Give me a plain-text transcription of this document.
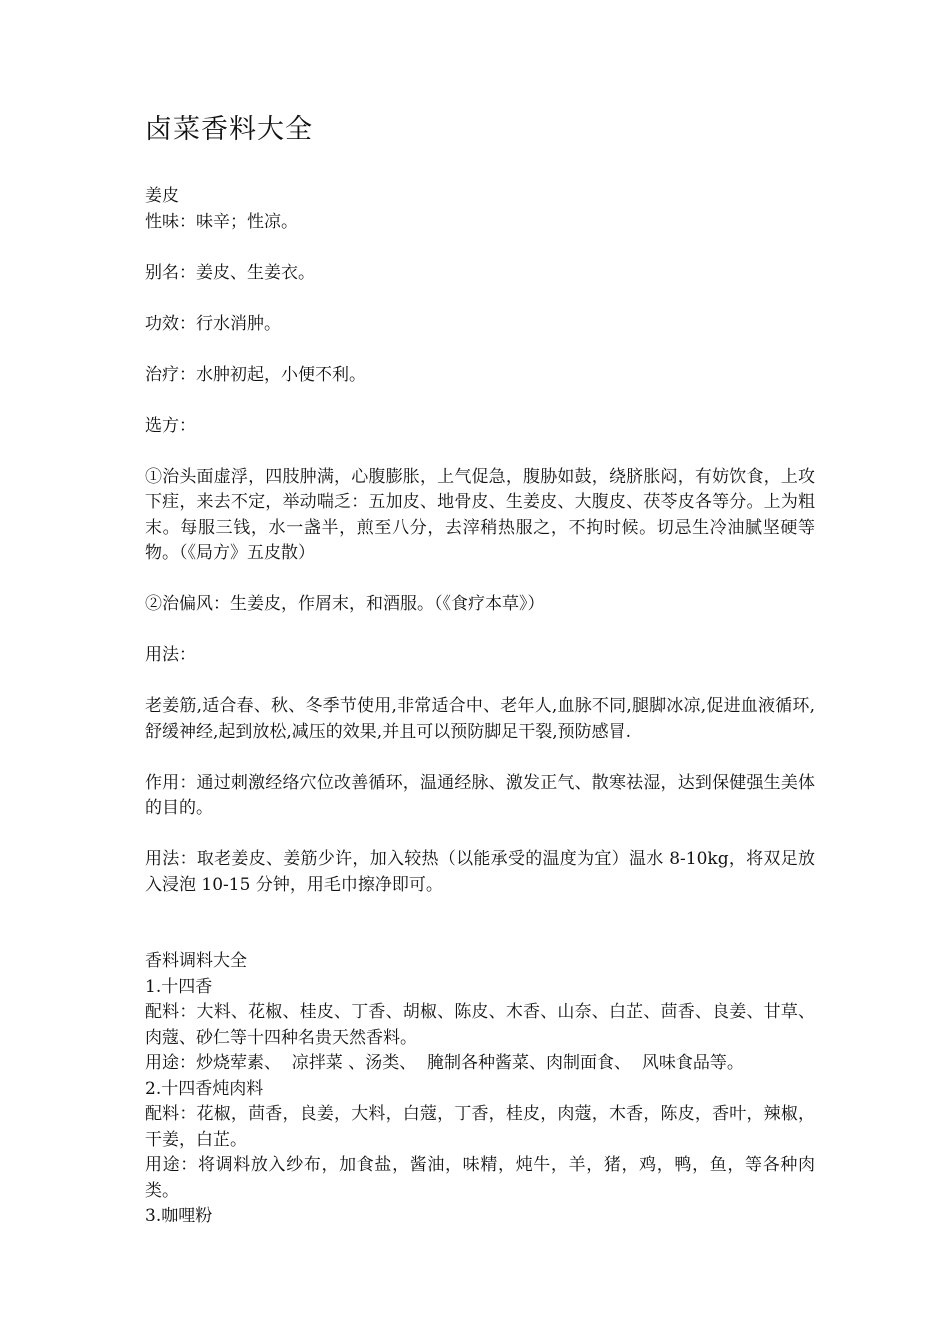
卤菜香料大全
姜皮
性味：味辛；性凉。
别名：姜皮、生姜衣。
功效：行水消肿。
治疗：水肿初起，小便不利。
选方：
①治头面虚浮，四肢肿满，心腹膨胀，上气促急，腹胁如鼓，绕脐胀闷，有妨饮食，上攻下疰，来去不定，举动喘乏：五加皮、地骨皮、生姜皮、大腹皮、茯苓皮各等分。上为粗末。每服三钱，水一盏半，煎至八分，去滓稍热服之，不拘时候。切忌生冷油腻坚硬等物。（《局方》五皮散）
②治偏风：生姜皮，作屑末，和酒服。（《食疗本草》）
用法：
老姜筋,适合春、秋、冬季节使用,非常适合中、老年人,血脉不同,腿脚冰凉,促进血液循环,舒缓神经,起到放松,减压的效果,并且可以预防脚足干裂,预防感冒.
作用：通过刺激经络穴位改善循环，温通经脉、激发正气、散寒祛湿，达到保健强生美体的目的。
用法：取老姜皮、姜筋少许，加入较热（以能承受的温度为宜）温水 8-10kg，将双足放入浸泡 10-15 分钟，用毛巾擦净即可。
香料调料大全
1.十四香
配料：大料、花椒、桂皮、丁香、胡椒、陈皮、木香、山奈、白芷、茴香、良姜、甘草、肉蔻、砂仁等十四种名贵天然香料。
用途：炒烧荤素、  凉拌菜 、汤类、  腌制各种酱菜、肉制面食、  风味食品等。
2.十四香炖肉料
配料：花椒，茴香，良姜，大料，白蔻，丁香，桂皮，肉蔻，木香，陈皮，香叶，辣椒，干姜，白芷。
用途：将调料放入纱布，加食盐，酱油，味精，炖牛，羊，猪，鸡，鸭，鱼，等各种肉类。
3.咖哩粉
